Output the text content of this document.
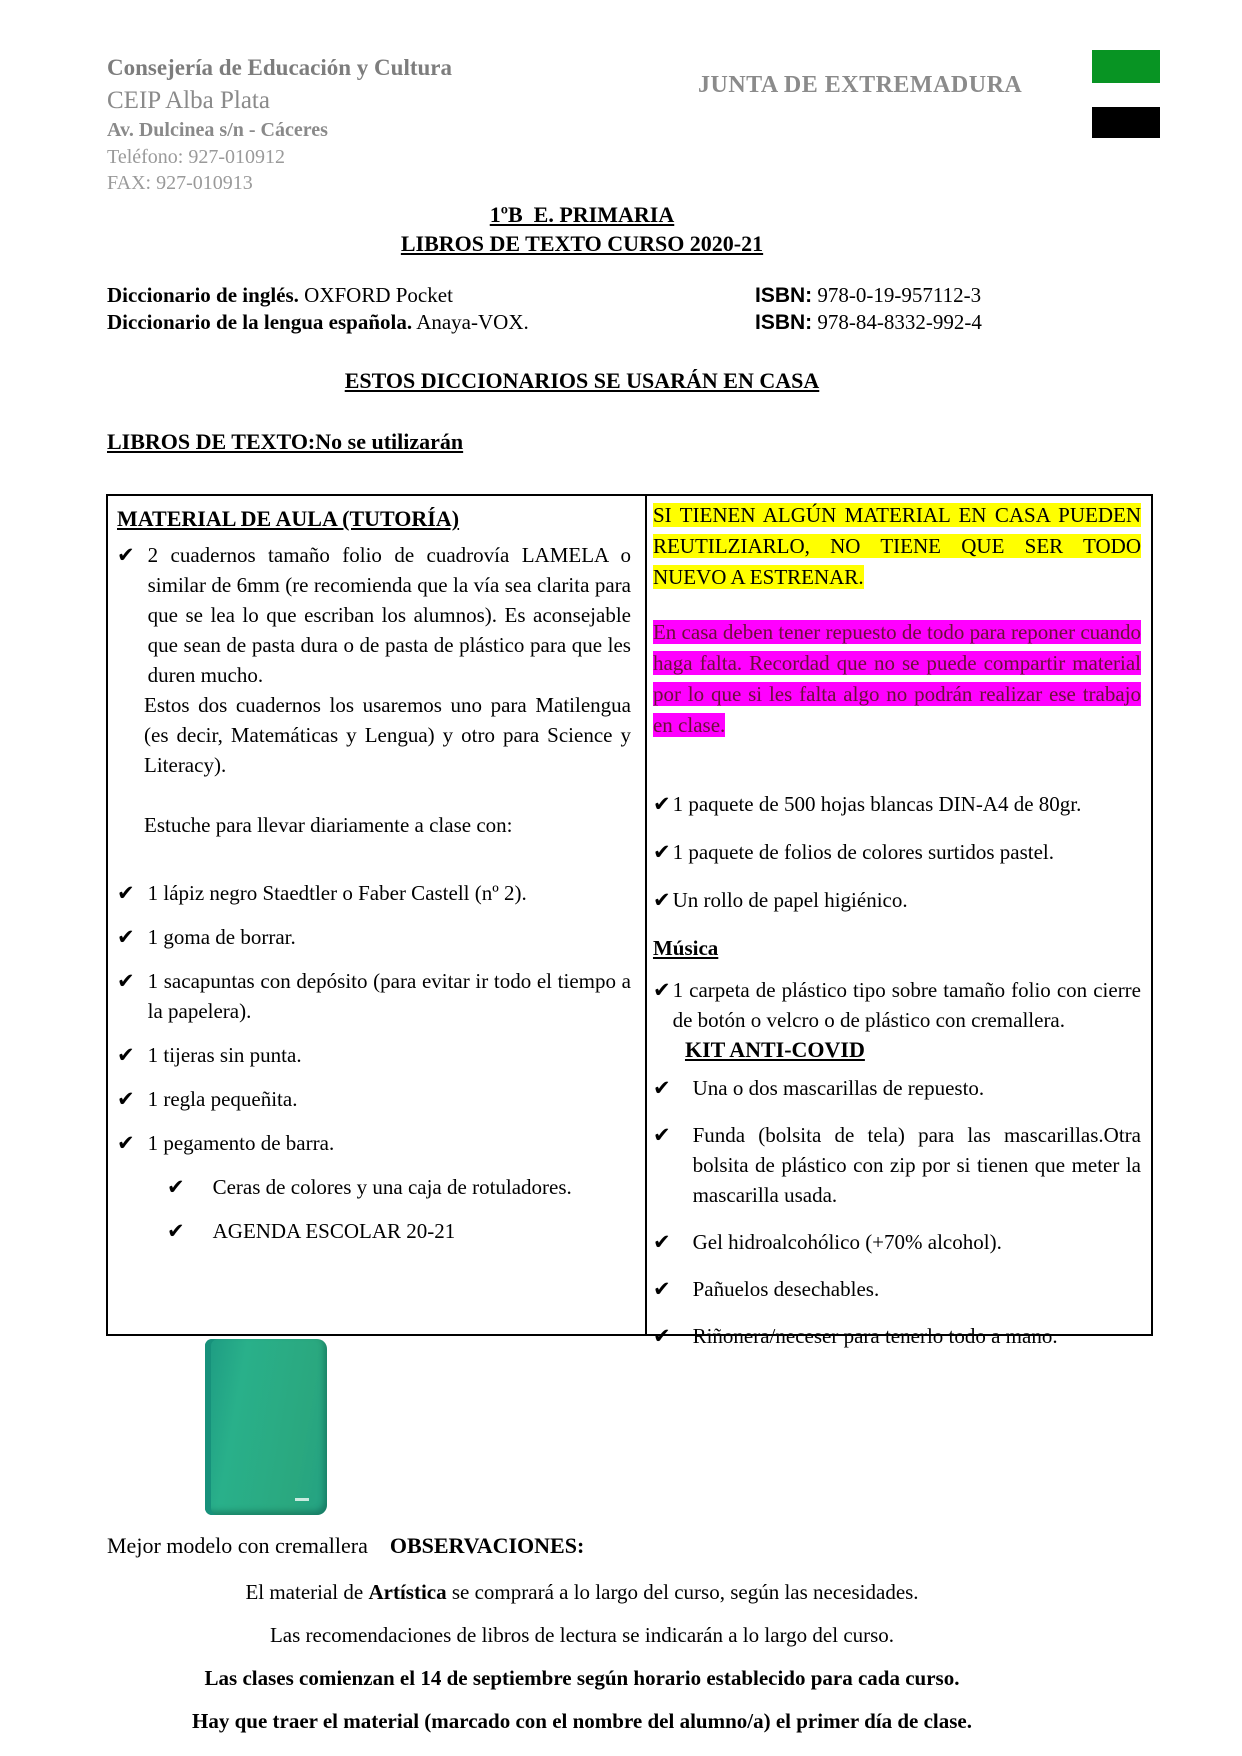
Consejería de Educación y Cultura
CEIP Alba Plata
Av. Dulcinea s/n - Cáceres
Teléfono: 927-010912
FAX: 927-010913
JUNTA DE EXTREMADURA
1ºB  E. PRIMARIA
LIBROS DE TEXTO CURSO 2020-21
Diccionario de inglés. OXFORD Pocket	ISBN: 978-0-19-957112-3
Diccionario de la lengua española. Anaya-VOX.	ISBN: 978-84-8332-992-4
ESTOS DICCIONARIOS SE USARÁN EN CASA
LIBROS DE TEXTO:No se utilizarán
MATERIAL DE AULA (TUTORÍA)
✔ 2 cuadernos tamaño folio de cuadrovía LAMELA o similar de 6mm (re recomienda que la vía sea clarita para que se lea lo que escriban los alumnos). Es aconsejable que sean de pasta dura o de pasta de plástico para que les duren mucho.
Estos dos cuadernos los usaremos uno para Matilengua (es decir, Matemáticas y Lengua) y otro para Science y Literacy).
Estuche para llevar diariamente a clase con:
✔ 1 lápiz negro Staedtler o Faber Castell (nº 2).
✔ 1 goma de borrar.
✔ 1 sacapuntas con depósito (para evitar ir todo el tiempo a la papelera).
✔ 1 tijeras sin punta.
✔ 1 regla pequeñita.
✔ 1 pegamento de barra.
✔ Ceras de colores y una caja de rotuladores.
✔ AGENDA ESCOLAR 20-21
SI TIENEN ALGÚN MATERIAL EN CASA PUEDEN REUTILZIARLO, NO TIENE QUE SER TODO NUEVO A ESTRENAR.
En casa deben tener repuesto de todo para reponer cuando haga falta. Recordad que no se puede compartir material por lo que si les falta algo no podrán realizar ese trabajo en clase.
✔ 1 paquete de 500 hojas blancas DIN-A4 de 80gr.
✔ 1 paquete de folios de colores surtidos pastel.
✔ Un rollo de papel higiénico.
Música
✔ 1 carpeta de plástico tipo sobre tamaño folio con cierre de botón o velcro o de plástico con cremallera.
KIT ANTI-COVID
✔ Una o dos mascarillas de repuesto.
✔ Funda (bolsita de tela) para las mascarillas.Otra bolsita de plástico con zip por si tienen que meter la mascarilla usada.
✔ Gel hidroalcohólico (+70% alcohol).
✔ Pañuelos desechables.
✔ Riñonera/neceser para tenerlo todo a mano.
Mejor modelo con cremallera OBSERVACIONES:
El material de Artística se comprará a lo largo del curso, según las necesidades.
Las recomendaciones de libros de lectura se indicarán a lo largo del curso.
Las clases comienzan el 14 de septiembre según horario establecido para cada curso.
Hay que traer el material (marcado con el nombre del alumno/a) el primer día de clase.
